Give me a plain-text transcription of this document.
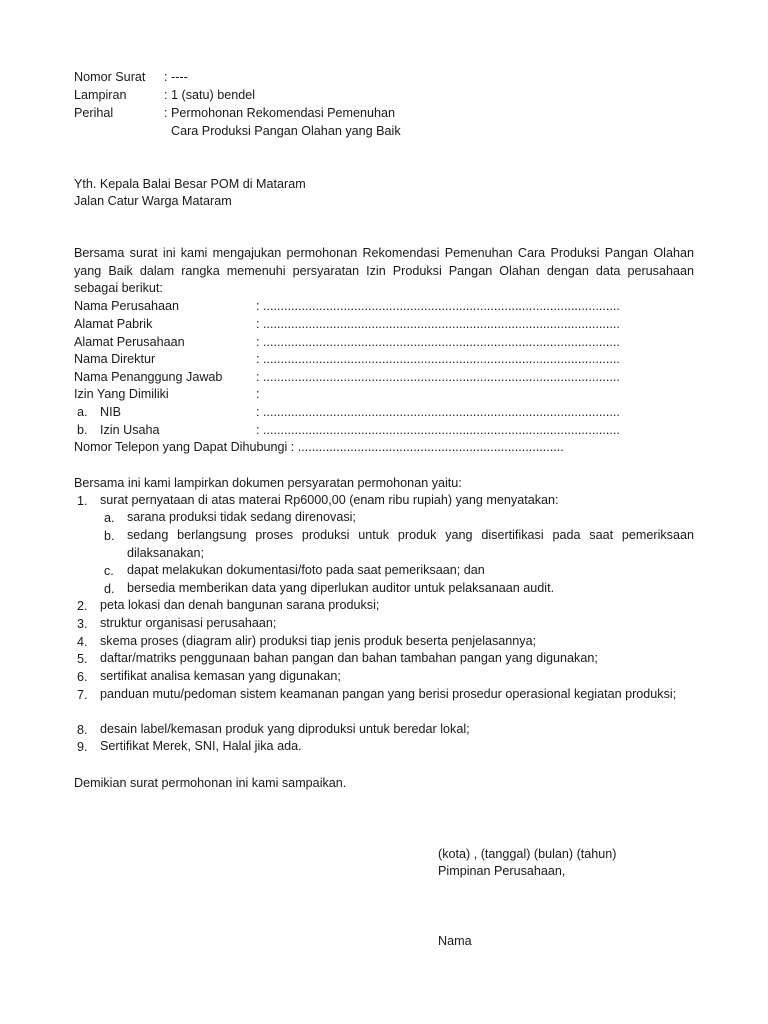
Nomor Surat : ----
Lampiran	: 1 (satu) bendel
Perihal	: Permohonan Rekomendasi Pemenuhan
Cara Produksi Pangan Olahan yang Baik
Yth. Kepala Balai Besar POM di Mataram
Jalan Catur Warga Mataram
Bersama surat ini kami mengajukan permohonan Rekomendasi Pemenuhan Cara Produksi Pangan Olahan yang Baik dalam rangka memenuhi persyaratan Izin Produksi Pangan Olahan dengan data perusahaan sebagai berikut:
Nama Perusahaan	: ......................................................................................................
Alamat Pabrik	: ......................................................................................................
Alamat Perusahaan	: ......................................................................................................
Nama Direktur	: ......................................................................................................
Nama Penanggung Jawab	: ......................................................................................................
Izin Yang Dimiliki	:
a. NIB	: ......................................................................................................
b. Izin Usaha	: ......................................................................................................
Nomor Telepon yang Dapat Dihubungi : ............................................................................
Bersama ini kami lampirkan dokumen persyaratan permohonan yaitu:
1. surat pernyataan di atas materai Rp6000,00 (enam ribu rupiah) yang menyatakan:
a. sarana produksi tidak sedang direnovasi;
b. sedang berlangsung proses produksi untuk produk yang disertifikasi pada saat pemeriksaan dilaksanakan;
c. dapat melakukan dokumentasi/foto pada saat pemeriksaan; dan
d. bersedia memberikan data yang diperlukan auditor untuk pelaksanaan audit.
2. peta lokasi dan denah bangunan sarana produksi;
3. struktur organisasi perusahaan;
4. skema proses (diagram alir) produksi tiap jenis produk beserta penjelasannya;
5. daftar/matriks penggunaan bahan pangan dan bahan tambahan pangan yang digunakan;
6. sertifikat analisa kemasan yang digunakan;
7. panduan mutu/pedoman sistem keamanan pangan yang berisi prosedur operasional kegiatan produksi;
8. desain label/kemasan produk yang diproduksi untuk beredar lokal;
9. Sertifikat Merek, SNI, Halal jika ada.
Demikian surat permohonan ini kami sampaikan.
(kota) , (tanggal) (bulan) (tahun)
Pimpinan Perusahaan,
Nama
